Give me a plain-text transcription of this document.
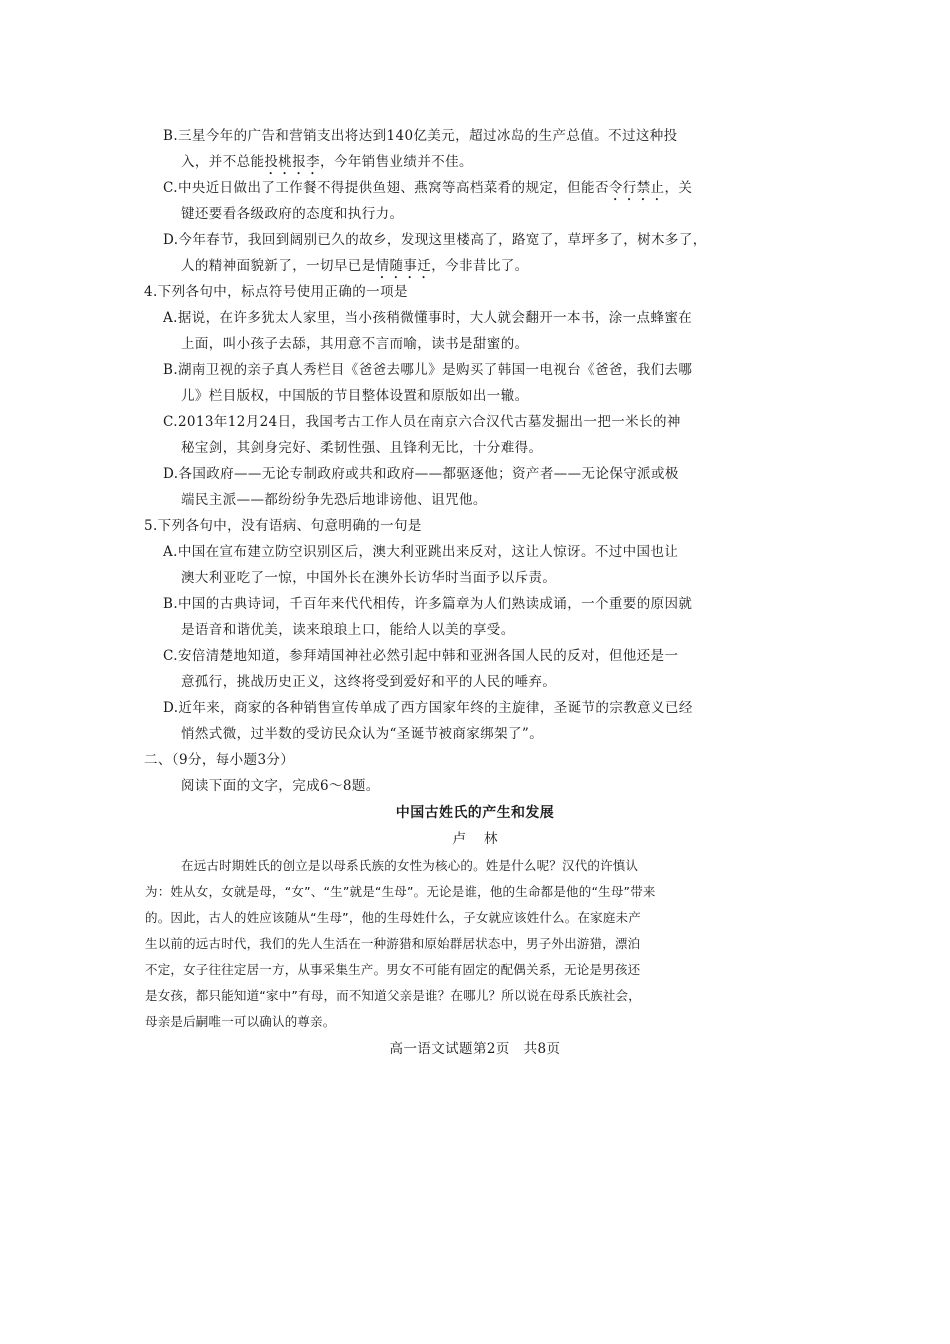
B.三星今年的广告和营销支出将达到140亿美元，超过冰岛的生产总值。不过这种投
入，并不总能投桃报李，今年销售业绩并不佳。
C.中央近日做出了工作餐不得提供鱼翅、燕窝等高档菜肴的规定，但能否令行禁止，关
键还要看各级政府的态度和执行力。
D.今年春节，我回到阔别已久的故乡，发现这里楼高了，路宽了，草坪多了，树木多了，
人的精神面貌新了，一切早已是情随事迁，今非昔比了。
4.下列各句中，标点符号使用正确的一项是
A.据说，在许多犹太人家里，当小孩稍微懂事时，大人就会翻开一本书，涂一点蜂蜜在
上面，叫小孩子去舔，其用意不言而喻，读书是甜蜜的。
B.湖南卫视的亲子真人秀栏目《爸爸去哪儿》是购买了韩国一电视台《爸爸，我们去哪
儿》栏目版权，中国版的节目整体设置和原版如出一辙。
C.2013年12月24日，我国考古工作人员在南京六合汉代古墓发掘出一把一米长的神
秘宝剑，其剑身完好、柔韧性强、且锋利无比，十分难得。
D.各国政府——无论专制政府或共和政府——都驱逐他；资产者——无论保守派或极
端民主派——都纷纷争先恐后地诽谤他、诅咒他。
5.下列各句中，没有语病、句意明确的一句是
A.中国在宣布建立防空识别区后，澳大利亚跳出来反对，这让人惊讶。不过中国也让
澳大利亚吃了一惊，中国外长在澳外长访华时当面予以斥责。
B.中国的古典诗词，千百年来代代相传，许多篇章为人们熟读成诵，一个重要的原因就
是语音和谐优美，读来琅琅上口，能给人以美的享受。
C.安倍清楚地知道，参拜靖国神社必然引起中韩和亚洲各国人民的反对，但他还是一
意孤行，挑战历史正义，这终将受到爱好和平的人民的唾弃。
D.近年来，商家的各种销售宣传单成了西方国家年终的主旋律，圣诞节的宗教意义已经
悄然式微，过半数的受访民众认为“圣诞节被商家绑架了”。
二、（9分，每小题3分）
阅读下面的文字，完成6～8题。
中国古姓氏的产生和发展
卢林
在远古时期姓氏的创立是以母系氏族的女性为核心的。姓是什么呢？汉代的许慎认
为：姓从女，女就是母，“女”、“生”就是“生母”。无论是谁，他的生命都是他的“生母”带来
的。因此，古人的姓应该随从“生母”，他的生母姓什么，子女就应该姓什么。在家庭未产
生以前的远古时代，我们的先人生活在一种游猎和原始群居状态中，男子外出游猎，漂泊
不定，女子往往定居一方，从事采集生产。男女不可能有固定的配偶关系，无论是男孩还
是女孩，都只能知道“家中”有母，而不知道父亲是谁？在哪儿？所以说在母系氏族社会，
母亲是后嗣唯一可以确认的尊亲。
高一语文试题第2页　共8页
